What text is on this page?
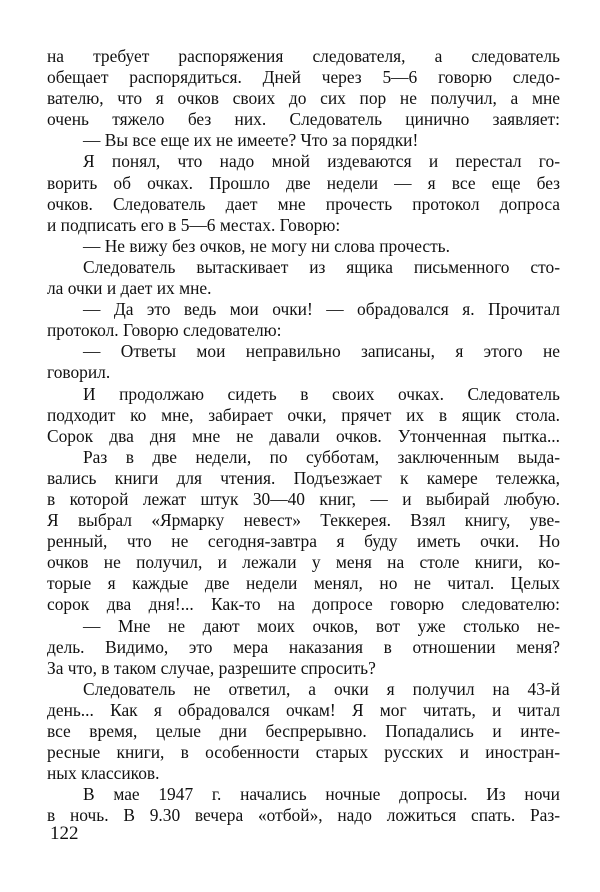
на требует распоряжения следователя, а следователь
обещает распорядиться. Дней через 5—6 говорю следо-
вателю, что я очков своих до сих пор не получил, а мне
очень тяжело без них. Следователь цинично заявляет:
— Вы все еще их не имеете? Что за порядки!
Я понял, что надо мной издеваются и перестал го-
ворить об очках. Прошло две недели — я все еще без
очков. Следователь дает мне прочесть протокол допроса
и подписать его в 5—6 местах. Говорю:
— Не вижу без очков, не могу ни слова прочесть.
Следователь вытаскивает из ящика письменного сто-
ла очки и дает их мне.
— Да это ведь мои очки! — обрадовался я. Прочитал
протокол. Говорю следователю:
— Ответы мои неправильно записаны, я этого не
говорил.
И продолжаю сидеть в своих очках. Следователь
подходит ко мне, забирает очки, прячет их в ящик стола.
Сорок два дня мне не давали очков. Утонченная пытка...
Раз в две недели, по субботам, заключенным выда-
вались книги для чтения. Подъезжает к камере тележка,
в которой лежат штук 30—40 книг, — и выбирай любую.
Я выбрал «Ярмарку невест» Теккерея. Взял книгу, уве-
ренный, что не сегодня-завтра я буду иметь очки. Но
очков не получил, и лежали у меня на столе книги, ко-
торые я каждые две недели менял, но не читал. Целых
сорок два дня!... Как-то на допросе говорю следователю:
— Мне не дают моих очков, вот уже столько не-
дель. Видимо, это мера наказания в отношении меня?
За что, в таком случае, разрешите спросить?
Следователь не ответил, а очки я получил на 43-й
день... Как я обрадовался очкам! Я мог читать, и читал
все время, целые дни беспрерывно. Попадались и инте-
ресные книги, в особенности старых русских и иностран-
ных классиков.
В мае 1947 г. начались ночные допросы. Из ночи
в ночь. В 9.30 вечера «отбой», надо ложиться спать. Раз-
122
